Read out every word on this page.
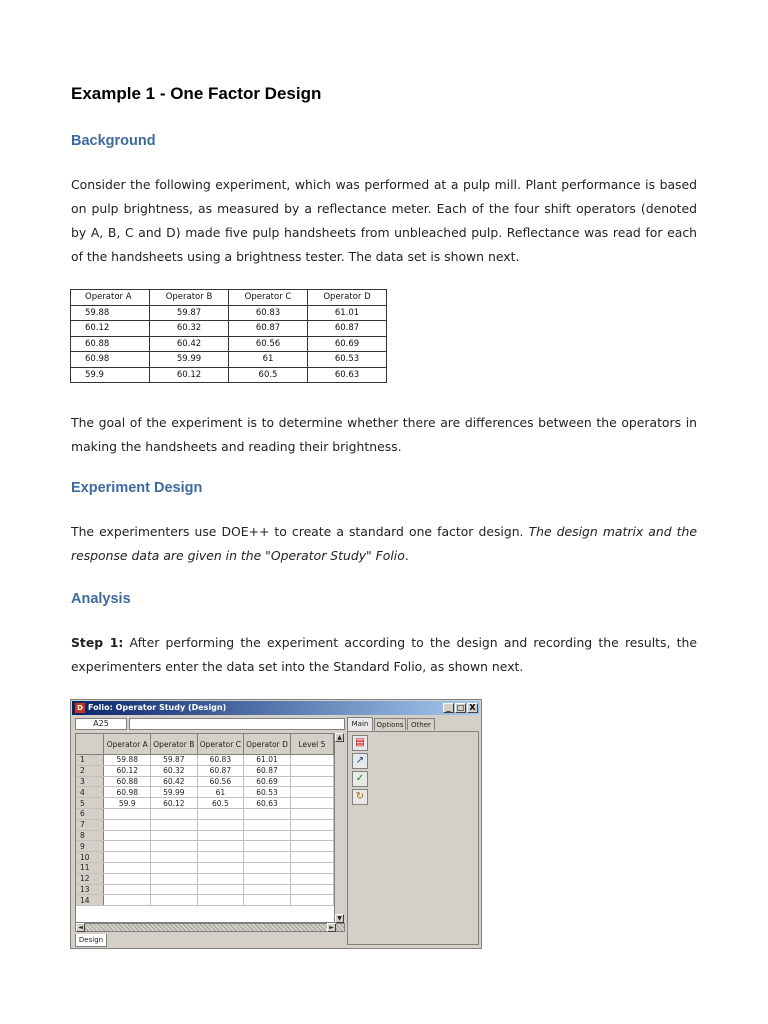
Example 1 - One Factor Design
Background
Consider the following experiment, which was performed at a pulp mill. Plant performance is based on pulp brightness, as measured by a reflectance meter. Each of the four shift operators (denoted by A, B, C and D) made five pulp handsheets from unbleached pulp. Reflectance was read for each of the handsheets using a brightness tester. The data set is shown next.
Operator A	Operator B	Operator C	Operator D
59.88	59.87	60.83	61.01
60.12	60.32	60.87	60.87
60.88	60.42	60.56	60.69
60.98	59.99	61	60.53
59.9	60.12	60.5	60.63
The goal of the experiment is to determine whether there are differences between the operators in making the handsheets and reading their brightness.
Experiment Design
The experimenters use DOE++ to create a standard one factor design. The design matrix and the response data are given in the "Operator Study" Folio.
Analysis
Step 1: After performing the experiment according to the design and recording the results, the experimenters enter the data set into the Standard Folio, as shown next.
D Folio: Operator Study (Design)	_ □ X
A25
	Operator A	Operator B	Operator C	Operator D	Level 5
1	59.88	59.87	60.83	61.01	
2	60.12	60.32	60.87	60.87	
3	60.88	60.42	60.56	60.69	
4	60.98	59.99	61	60.53	
5	59.9	60.12	60.5	60.63	
6					
7					
8					
9					
10					
11					
12					
13					
14					
▲
▼
◄	►
Main	Options	Other
▤
↗
✓
↻
Design
